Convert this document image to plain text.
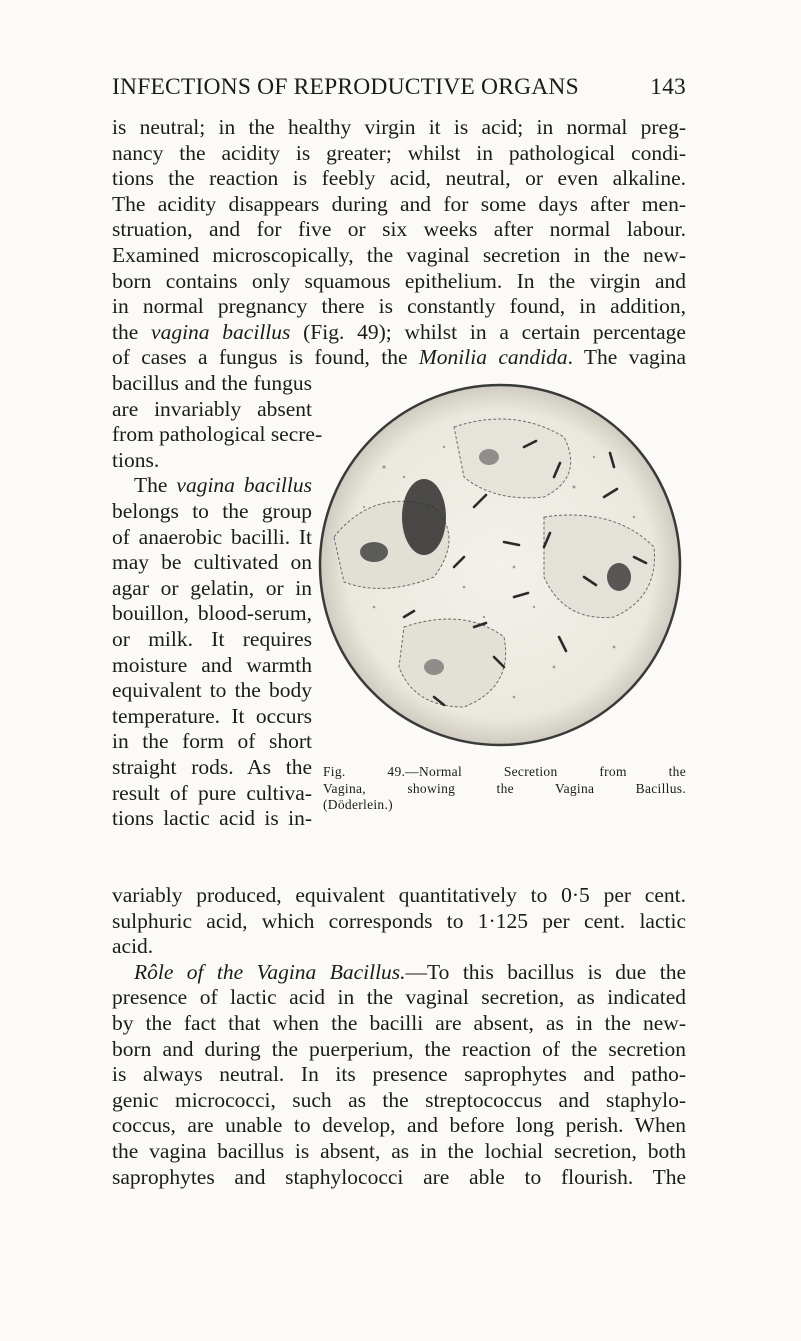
INFECTIONS OF REPRODUCTIVE ORGANS	143
is neutral; in the healthy virgin it is acid; in normal preg-
nancy the acidity is greater; whilst in pathological condi-
tions the reaction is feebly acid, neutral, or even alkaline.
The acidity disappears during and for some days after men-
struation, and for five or six weeks after normal labour.
Examined microscopically, the vaginal secretion in the new-
born contains only squamous epithelium. In the virgin and
in normal pregnancy there is constantly found, in addition,
the vagina bacillus (Fig. 49); whilst in a certain percentage
of cases a fungus is found, the Monilia candida. The vagina
bacillus and the fungus
are invariably absent
from pathological secre-
tions.
The vagina bacillus
belongs to the group
of anaerobic bacilli. It
may be cultivated on
agar or gelatin, or in
bouillon, blood-serum,
or milk. It requires
moisture and warmth
equivalent to the body
temperature. It occurs
in the form of short
straight rods. As the
result of pure cultiva-
tions lactic acid is in-
Fig. 49.—Normal Secretion from the
Vagina, showing the Vagina Bacillus.
(Döderlein.)
variably produced, equivalent quantitatively to 0·5 per cent.
sulphuric acid, which corresponds to 1·125 per cent. lactic
acid.
Rôle of the Vagina Bacillus.—To this bacillus is due the
presence of lactic acid in the vaginal secretion, as indicated
by the fact that when the bacilli are absent, as in the new-
born and during the puerperium, the reaction of the secretion
is always neutral. In its presence saprophytes and patho-
genic micrococci, such as the streptococcus and staphylo-
coccus, are unable to develop, and before long perish. When
the vagina bacillus is absent, as in the lochial secretion, both
saprophytes and staphylococci are able to flourish. The
